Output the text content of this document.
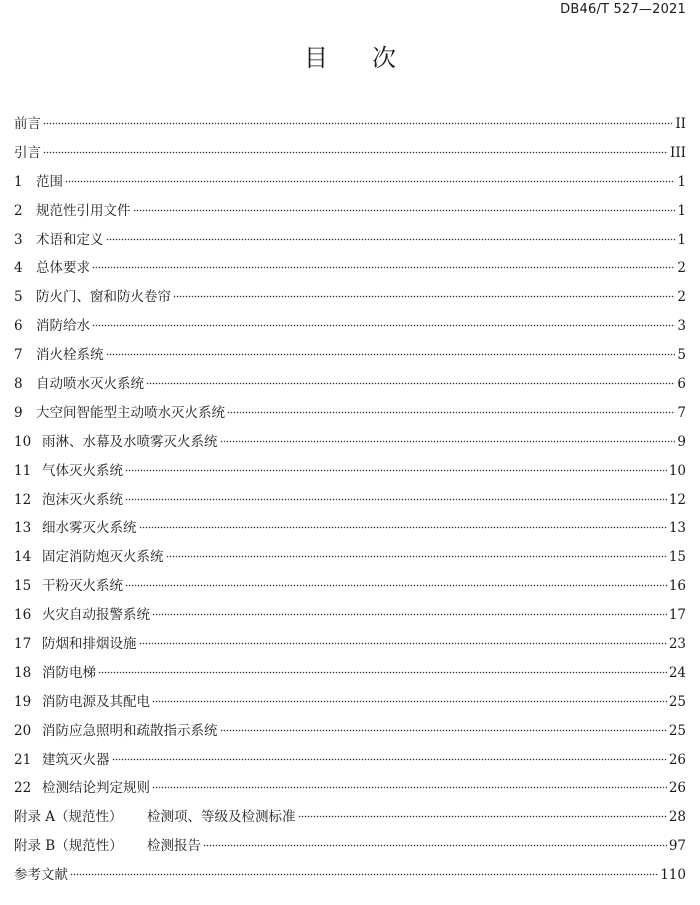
DB46/T 527—2021
目 次
前言	II
引言	III
1 范围	1
2 规范性引用文件	1
3 术语和定义	1
4 总体要求	2
5 防火门、窗和防火卷帘	2
6 消防给水	3
7 消火栓系统	5
8 自动喷水灭火系统	6
9 大空间智能型主动喷水灭火系统	7
10 雨淋、水幕及水喷雾灭火系统	9
11 气体灭火系统	10
12 泡沫灭火系统	12
13 细水雾灭火系统	13
14 固定消防炮灭火系统	15
15 干粉灭火系统	16
16 火灾自动报警系统	17
17 防烟和排烟设施	23
18 消防电梯	24
19 消防电源及其配电	25
20 消防应急照明和疏散指示系统	25
21 建筑灭火器	26
22 检测结论判定规则	26
附录 A（规范性）	检测项、等级及检测标准	28
附录 B（规范性）	检测报告	97
参考文献	110
